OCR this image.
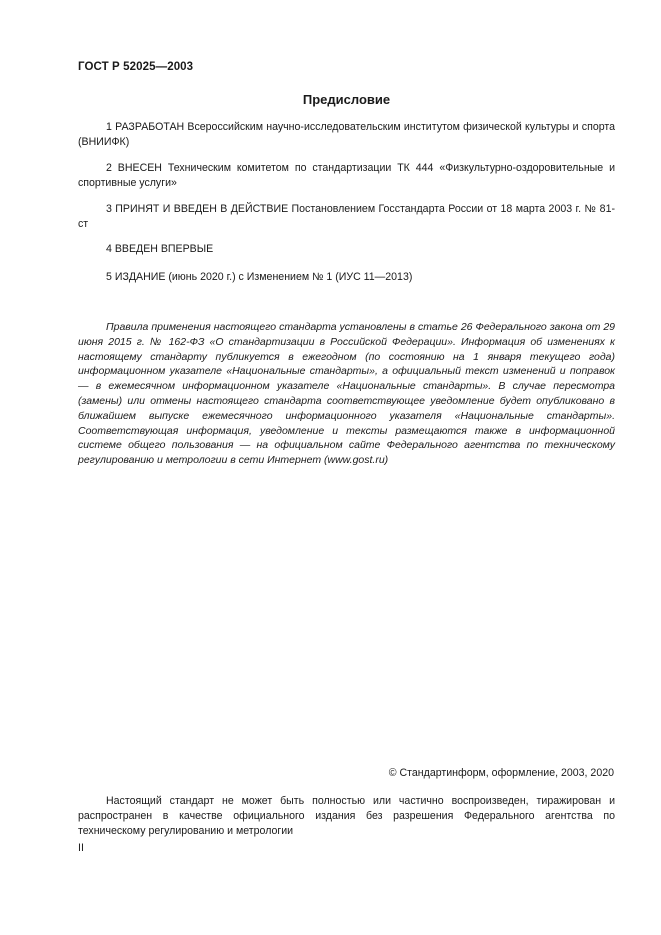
ГОСТ Р 52025—2003
Предисловие

1 РАЗРАБОТАН Всероссийским научно-исследовательским институтом физической культуры и спорта (ВНИИФК)

2 ВНЕСЕН Техническим комитетом по стандартизации ТК 444 «Физкультурно-оздоровительные и спортивные услуги»

3 ПРИНЯТ И ВВЕДЕН В ДЕЙСТВИЕ Постановлением Госстандарта России от 18 марта 2003 г. № 81-ст

4 ВВЕДЕН ВПЕРВЫЕ

5 ИЗДАНИЕ (июнь 2020 г.) с Изменением № 1 (ИУС 11—2013)

Правила применения настоящего стандарта установлены в статье 26 Федерального закона от 29 июня 2015 г. № 162-ФЗ «О стандартизации в Российской Федерации». Информация об изменениях к настоящему стандарту публикуется в ежегодном (по состоянию на 1 января текущего года) информационном указателе «Национальные стандарты», а официальный текст изменений и поправок — в ежемесячном информационном указателе «Национальные стандарты». В случае пересмотра (замены) или отмены настоящего стандарта соответствующее уведомление будет опубликовано в ближайшем выпуске ежемесячного информационного указателя «Национальные стандарты». Соответствующая информация, уведомление и тексты размещаются также в информационной системе общего пользования — на официальном сайте Федерального агентства по техническому регулированию и метрологии в сети Интернет (www.gost.ru)

© Стандартинформ, оформление, 2003, 2020

Настоящий стандарт не может быть полностью или частично воспроизведен, тиражирован и распространен в качестве официального издания без разрешения Федерального агентства по техническому регулированию и метрологии

II
